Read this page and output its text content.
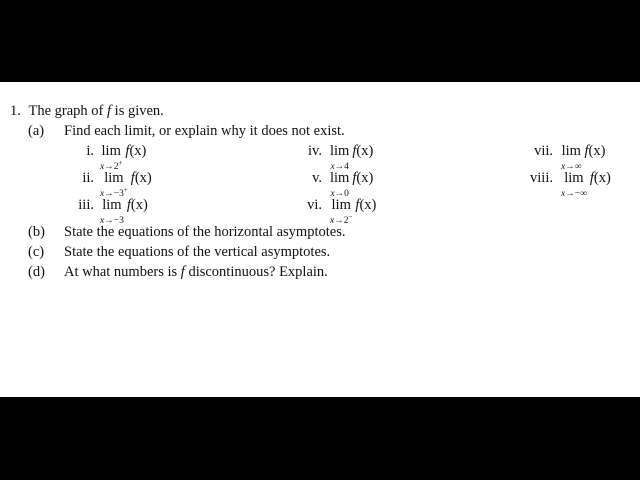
1. The graph of f is given.
(a) Find each limit, or explain why it does not exist.
i. lim
x→2+
f(x)
ii. lim
x→−3+
f(x)
iii. lim
x→−3
f(x)
iv. lim
x→4
f(x)
v. lim
x→0
f(x)
vi. lim
x→2−
f(x)
vii. lim
x→∞
f(x)
viii. lim
x→−∞
f(x)
(b) State the equations of the horizontal asymptotes.
(c) State the equations of the vertical asymptotes.
(d) At what numbers is f discontinuous? Explain.
